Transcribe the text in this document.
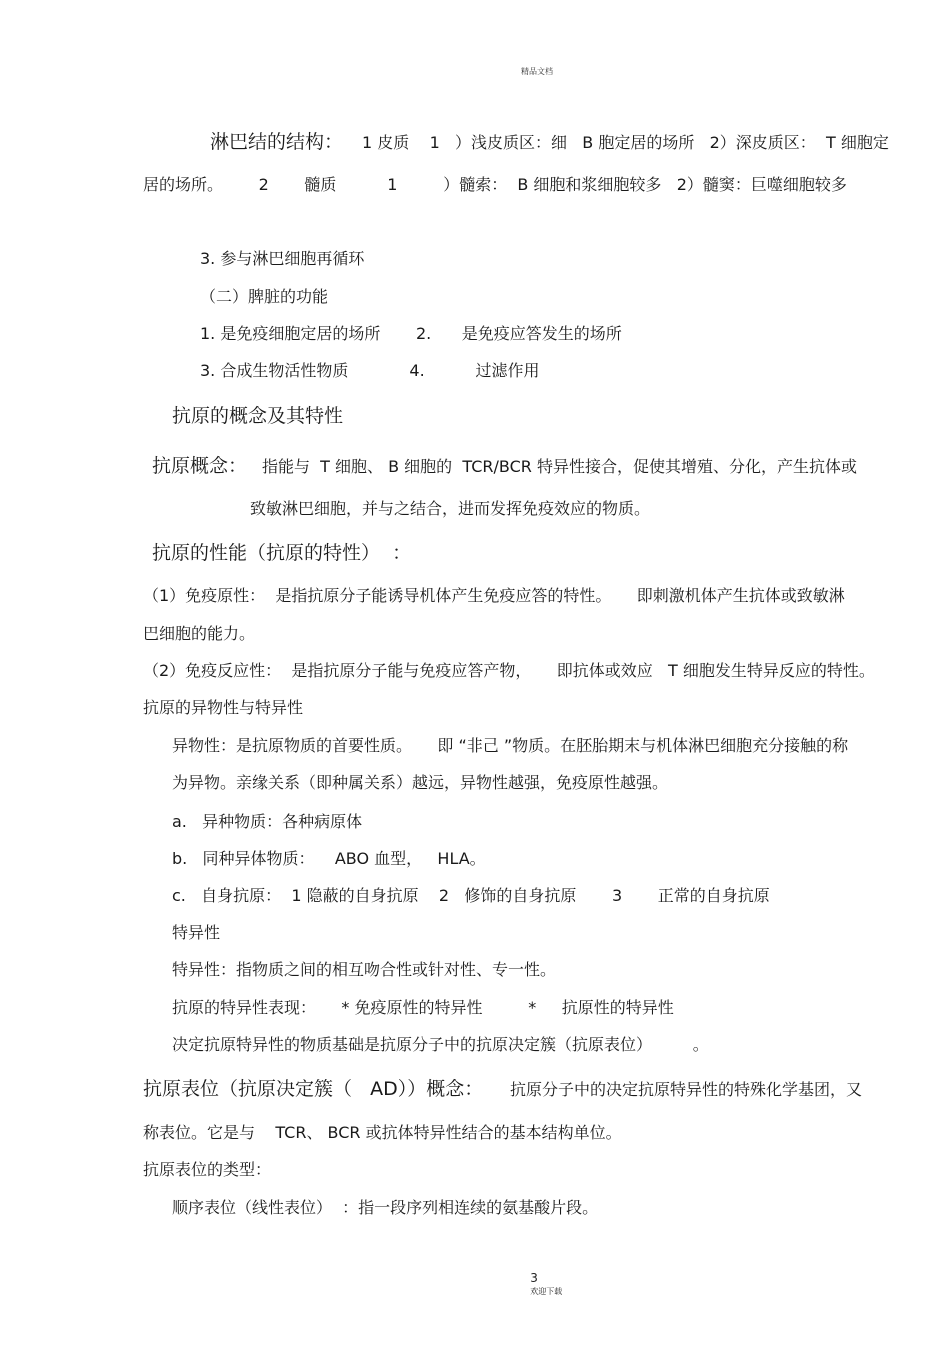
精品文档
淋巴结的结构： 1 皮质    1   ）浅皮质区：细   B 胞定居的场所   2）深皮质区：  T 细胞定
居的场所。       2       髓质          1         ）髓索：  B 细胞和浆细胞较多   2）髓窦：巨噬细胞较多
3. 参与淋巴细胞再循环
（二）脾脏的功能
1. 是免疫细胞定居的场所       2.      是免疫应答发生的场所
3. 合成生物活性物质            4.          过滤作用
抗原的概念及其特性
抗原概念： 指能与  T 细胞、 B 细胞的  TCR/BCR 特异性接合，促使其增殖、分化，产生抗体或
致敏淋巴细胞，并与之结合，进而发挥免疫效应的物质。
抗原的性能（抗原的特性）  ：
（1）免疫原性：  是指抗原分子能诱导机体产生免疫应答的特性。     即刺激机体产生抗体或致敏淋
巴细胞的能力。
（2）免疫反应性：  是指抗原分子能与免疫应答产物，     即抗体或效应   T 细胞发生特异反应的特性。
抗原的异物性与特异性
异物性：是抗原物质的首要性质。     即 “非己 ”物质。在胚胎期末与机体淋巴细胞充分接触的称
为异物。亲缘关系（即种属关系）越远，异物性越强，免疫原性越强。
a.   异种物质：各种病原体
b.   同种异体物质：    ABO 血型，   HLA。
c.   自身抗原：  1 隐蔽的自身抗原    2   修饰的自身抗原       3       正常的自身抗原
特异性
特异性：指物质之间的相互吻合性或针对性、专一性。
抗原的特异性表现：     * 免疫原性的特异性         *     抗原性的特异性
决定抗原特异性的物质基础是抗原分子中的抗原决定簇（抗原表位）        。
抗原表位（抗原决定簇（   AD））概念： 抗原分子中的决定抗原特异性的特殊化学基团，又
称表位。它是与    TCR、 BCR 或抗体特异性结合的基本结构单位。
抗原表位的类型：
顺序表位（线性表位）  ：指一段序列相连续的氨基酸片段。

3
欢迎下载
